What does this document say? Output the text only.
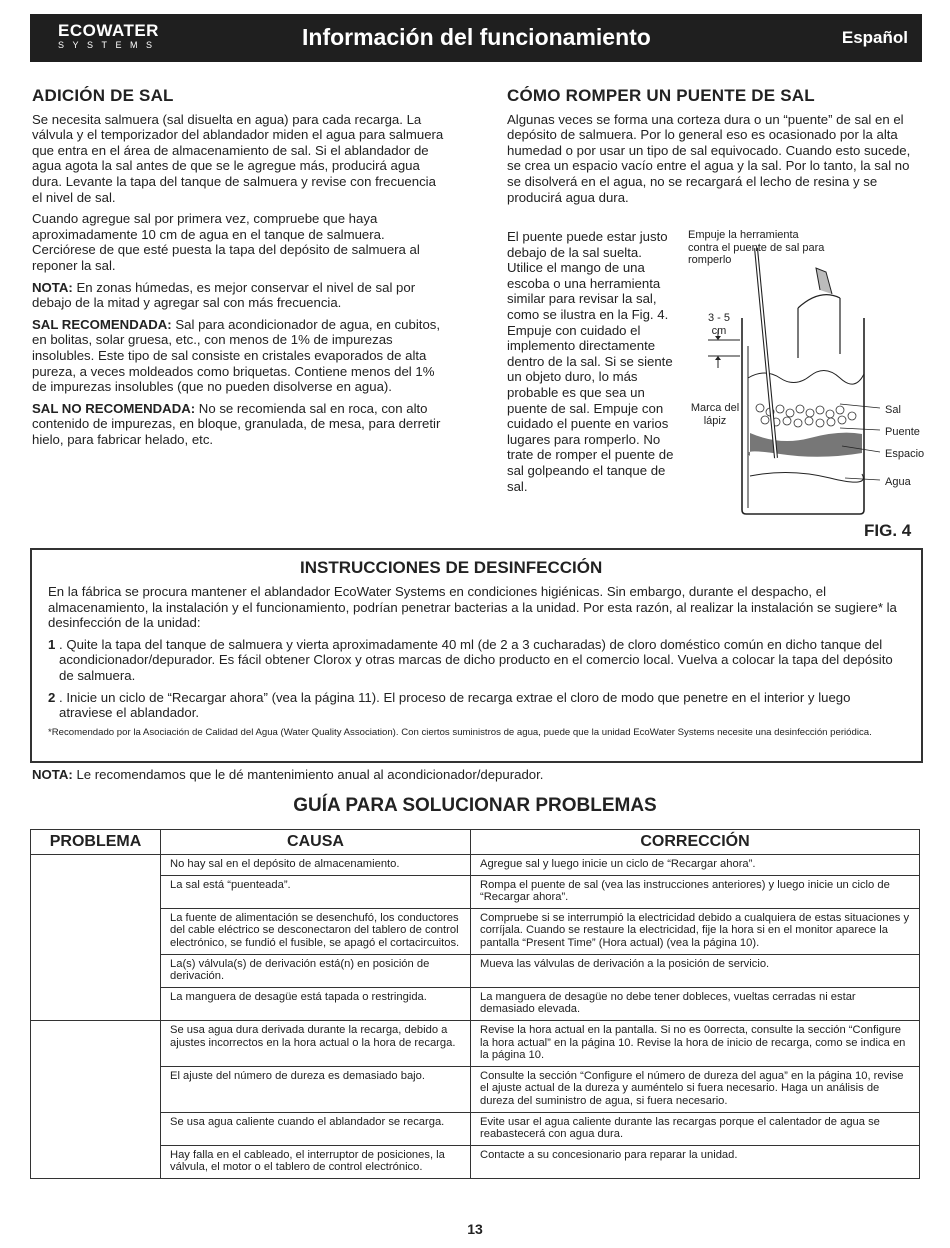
ECOWATER
SYSTEMS	Información del funcionamiento	Español
ADICIÓN DE SAL

Se necesita salmuera (sal disuelta en agua) para cada recarga. La válvula y el temporizador del ablandador miden el agua para salmuera que entra en el área de almacenamiento de sal. Si el ablandador de agua agota la sal antes de que se le agregue más, producirá agua dura. Levante la tapa del tanque de salmuera y revise con frecuencia el nivel de sal.

Cuando agregue sal por primera vez, compruebe que haya aproximadamente 10 cm de agua en el tanque de salmuera. Cerciórese de que esté puesta la tapa del depósito de salmuera al reponer la sal.

NOTA: En zonas húmedas, es mejor conservar el nivel de sal por debajo de la mitad y agregar sal con más frecuencia.

SAL RECOMENDADA: Sal para acondicionador de agua, en cubitos, en bolitas, solar gruesa, etc., con menos de 1% de impurezas insolubles. Este tipo de sal consiste en cristales evaporados de alta pureza, a veces moldeados como briquetas. Contiene menos del 1% de impurezas insolubles (que no pueden disolverse en agua).

SAL NO RECOMENDADA: No se recomienda sal en roca, con alto contenido de impurezas, en bloque, granulada, de mesa, para derretir hielo, para fabricar helado, etc.

CÓMO ROMPER UN PUENTE DE SAL

Algunas veces se forma una corteza dura o un “puente” de sal en el depósito de salmuera. Por lo general eso es ocasionado por la alta humedad o por usar un tipo de sal equivocado. Cuando esto sucede, se crea un espacio vacío entre el agua y la sal. Por lo tanto, la sal no se disolverá en el agua, no se recargará el lecho de resina y se producirá agua dura.

El puente puede estar justo debajo de la sal suelta. Utilice el mango de una escoba o una herramienta similar para revisar la sal, como se ilustra en la Fig. 4. Empuje con cuidado el implemento directamente dentro de la sal. Si se siente un objeto duro, lo más probable es que sea un puente de sal. Empuje con cuidado el puente en varios lugares para romperlo. No trate de romper el puente de sal golpeando el tanque de sal.
Empuje la herramienta contra el puente de sal para romperlo
3 - 5 cm
Marca del lápiz
Sal
Puente
Espacio
Agua
FIG. 4
INSTRUCCIONES DE DESINFECCIÓN

En la fábrica se procura mantener el ablandador EcoWater Systems en condiciones higiénicas. Sin embargo, durante el despacho, el almacenamiento, la instalación y el funcionamiento, podrían penetrar bacterias a la unidad. Por esta razón, al realizar la instalación se sugiere* la desinfección de la unidad:

1 . Quite la tapa del tanque de salmuera y vierta aproximadamente 40 ml (de 2 a 3 cucharadas) de cloro doméstico común en dicho tanque del acondicionador/depurador. Es fácil obtener Clorox y otras marcas de dicho producto en el comercio local. Vuelva a colocar la tapa del depósito de salmuera.
2 . Inicie un ciclo de “Recargar ahora” (vea la página 11). El proceso de recarga extrae el cloro de modo que penetre en el interior y luego atraviese el ablandador.
*Recomendado por la Asociación de Calidad del Agua (Water Quality Association). Con ciertos suministros de agua, puede que la unidad EcoWater Systems necesite una desinfección periódica.
NOTA: Le recomendamos que le dé mantenimiento anual al acondicionador/depurador.
GUÍA PARA SOLUCIONAR PROBLEMAS
PROBLEMA	CAUSA	CORRECCIÓN
	No hay sal en el depósito de almacenamiento.	Agregue sal y luego inicie un ciclo de “Recargar ahora”.
	La sal está “puenteada”.	Rompa el puente de sal (vea las instrucciones anteriores) y luego inicie un ciclo de “Recargar ahora”.
	La fuente de alimentación se desenchufó, los conductores del cable eléctrico se desconectaron del tablero de control electrónico, se fundió el fusible, se apagó el cortacircuitos.	Compruebe si se interrumpió la electricidad debido a cualquiera de estas situaciones y corríjala. Cuando se restaure la electricidad, fije la hora si en el monitor aparece la pantalla “Present Time” (Hora actual) (vea la página 10).
	La(s) válvula(s) de derivación está(n) en posición de derivación.	Mueva las válvulas de derivación a la posición de servicio.
	La manguera de desagüe está tapada o restringida.	La manguera de desagüe no debe tener dobleces, vueltas cerradas ni estar demasiado elevada.
	Se usa agua dura derivada durante la recarga, debido a ajustes incorrectos en la hora actual o la hora de recarga.	Revise la hora actual en la pantalla. Si no es 0orrecta, consulte la sección “Configure la hora actual” en la página 10. Revise la hora de inicio de recarga, como se indica en la página 10.
	El ajuste del número de dureza es demasiado bajo.	Consulte la sección “Configure el número de dureza del agua” en la página 10, revise el ajuste actual de la dureza y auméntelo si fuera necesario. Haga un análisis de dureza del suministro de agua, si fuera necesario.
	Se usa agua caliente cuando el ablandador se recarga.	Evite usar el agua caliente durante las recargas porque el calentador de agua se reabastecerá con agua dura.
	Hay falla en el cableado, el interruptor de posiciones, la válvula, el motor o el tablero de control electrónico.	Contacte a su concesionario para reparar la unidad.
13
